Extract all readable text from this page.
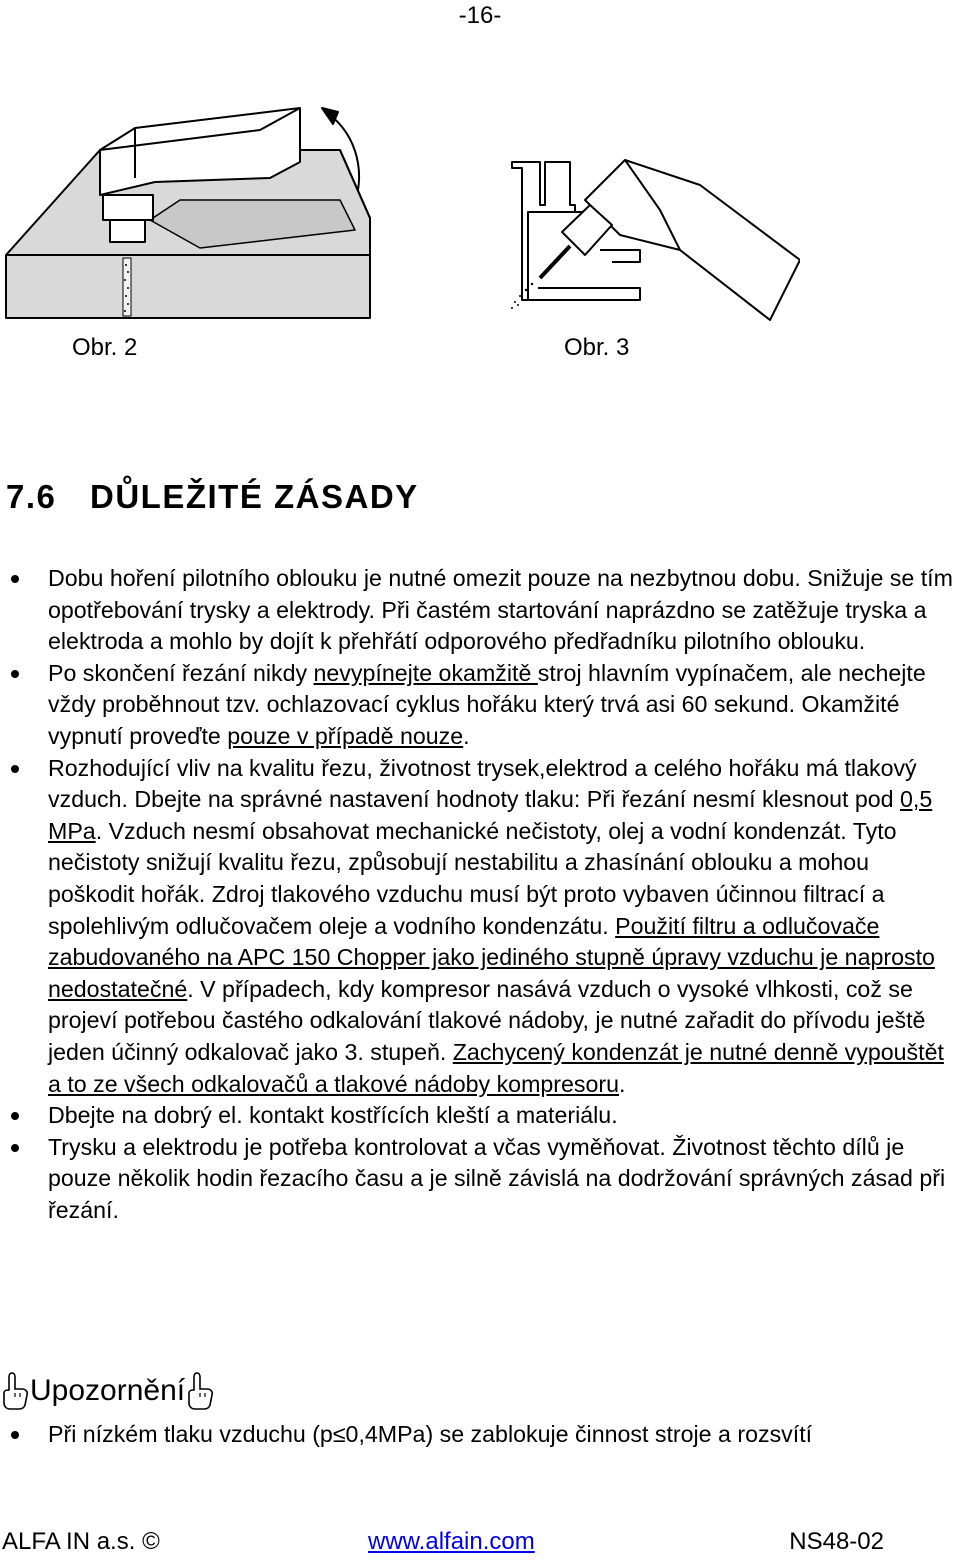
-16-
Obr. 2	Obr. 3
7.6 DŮLEŽITÉ ZÁSADY
Dobu hoření pilotního oblouku je nutné omezit pouze na nezbytnou dobu. Snižuje se tím opotřebování trysky a elektrody. Při častém startování naprázdno se zatěžuje tryska a elektroda a mohlo by dojít k přehřátí odporového předřadníku pilotního oblouku.
Po skončení řezání nikdy nevypínejte okamžitě stroj hlavním vypínačem, ale nechejte vždy proběhnout tzv. ochlazovací cyklus hořáku který trvá asi 60 sekund. Okamžité vypnutí proveďte pouze v případě nouze.
Rozhodující vliv na kvalitu řezu, životnost trysek,elektrod a celého hořáku má tlakový vzduch. Dbejte na správné nastavení hodnoty tlaku: Při řezání nesmí klesnout pod 0,5 MPa. Vzduch nesmí obsahovat mechanické nečistoty, olej a vodní kondenzát. Tyto nečistoty snižují kvalitu řezu, způsobují nestabilitu a zhasínání oblouku a mohou poškodit hořák. Zdroj tlakového vzduchu musí být proto vybaven účinnou filtrací a spolehlivým odlučovačem oleje a vodního kondenzátu. Použití filtru a odlučovače zabudovaného na APC 150 Chopper jako jediného stupně úpravy vzduchu je naprosto nedostatečné. V případech, kdy kompresor nasává vzduch o vysoké vlhkosti, což se projeví potřebou častého odkalování tlakové nádoby, je nutné zařadit do přívodu ještě jeden účinný odkalovač jako 3. stupeň. Zachycený kondenzát je nutné denně vypouštět a to ze všech odkalovačů a tlakové nádoby kompresoru.
Dbejte na dobrý el. kontakt kostřících kleští a materiálu.
Trysku a elektrodu je potřeba kontrolovat a včas vyměňovat. Životnost těchto dílů je pouze několik hodin řezacího času a je silně závislá na dodržování správných zásad při řezání.
Upozornění
Při nízkém tlaku vzduchu (p≤0,4MPa) se zablokuje činnost stroje a rozsvítí
ALFA IN a.s. ©	www.alfain.com	NS48-02
